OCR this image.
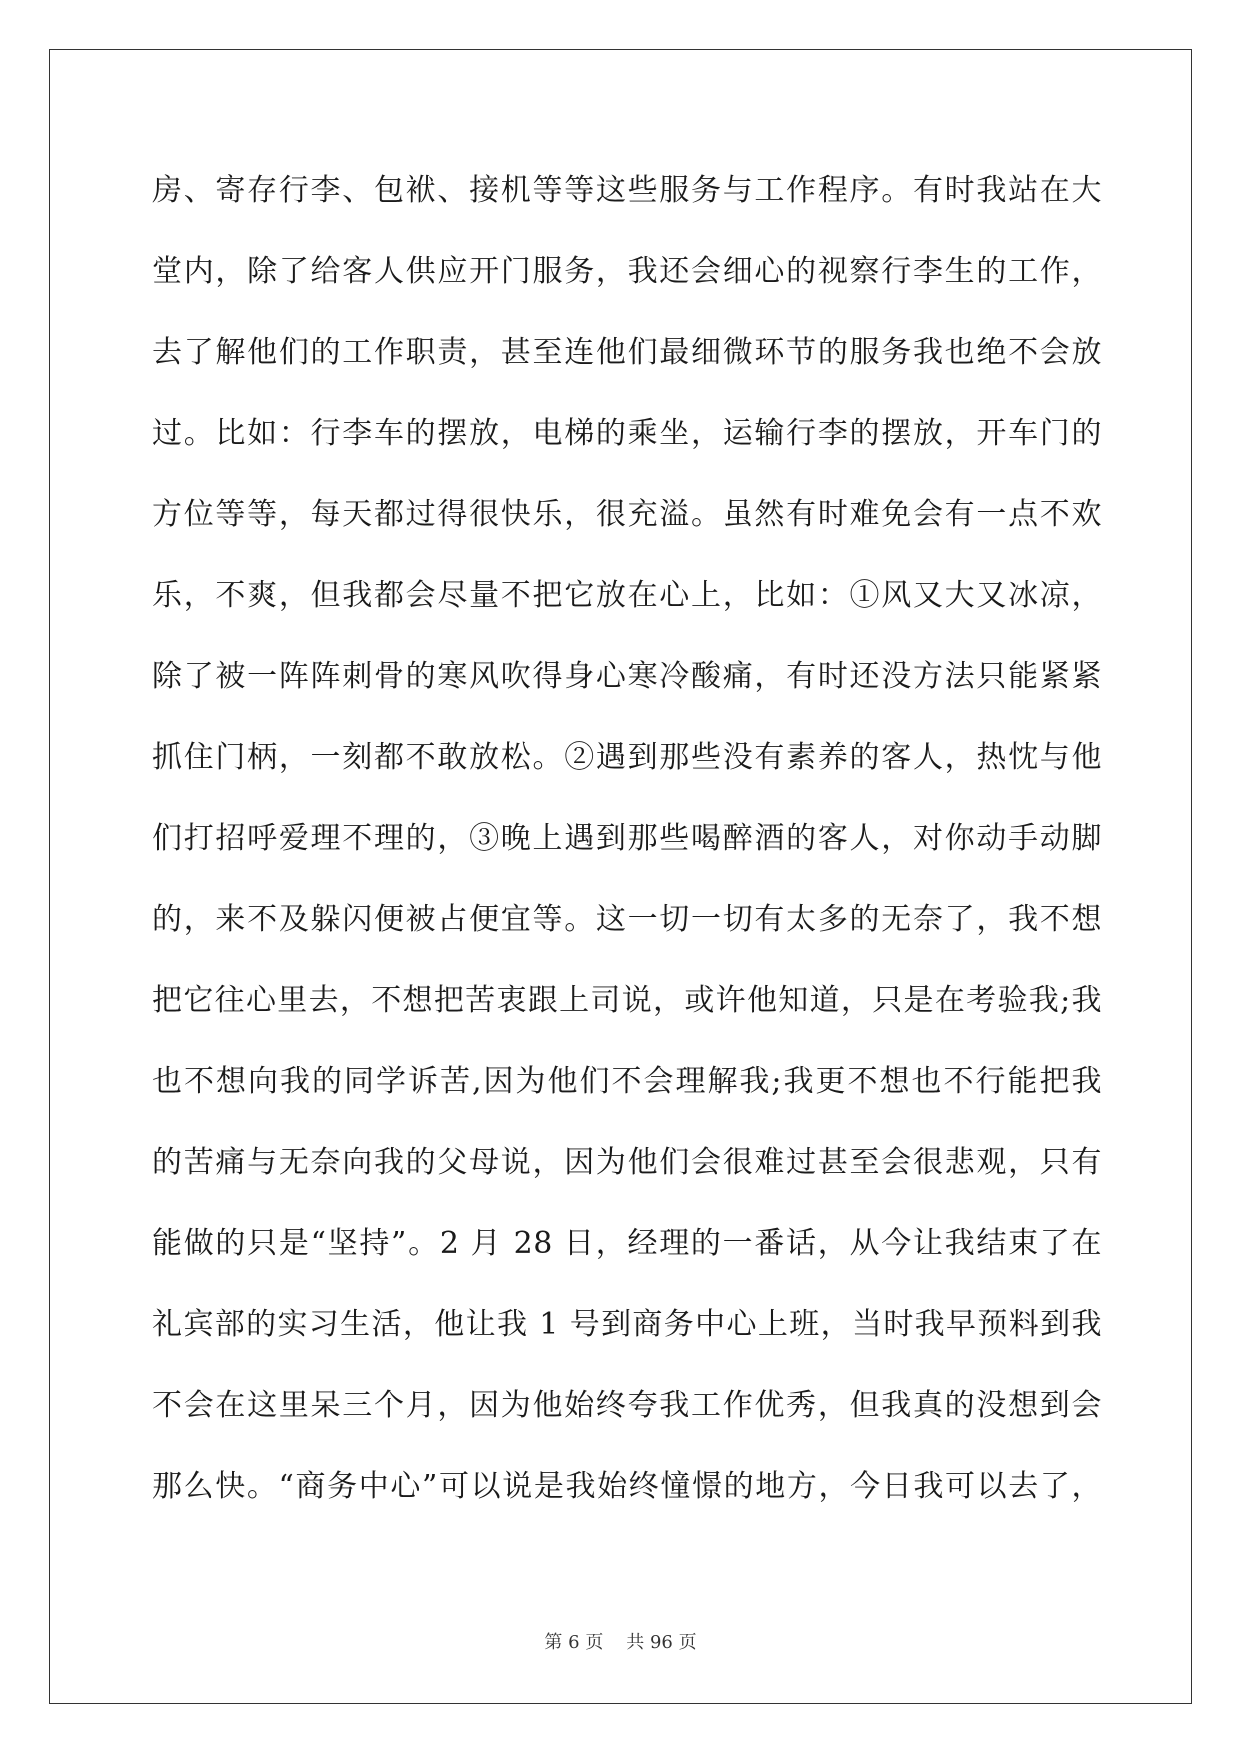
房、寄存行李、包袱、接机等等这些服务与工作程序。有时我站在大
堂内，除了给客人供应开门服务，我还会细心的视察行李生的工作，
去了解他们的工作职责，甚至连他们最细微环节的服务我也绝不会放
过。比如：行李车的摆放，电梯的乘坐，运输行李的摆放，开车门的
方位等等，每天都过得很快乐，很充溢。虽然有时难免会有一点不欢
乐，不爽，但我都会尽量不把它放在心上，比如：①风又大又冰凉，
除了被一阵阵刺骨的寒风吹得身心寒冷酸痛，有时还没方法只能紧紧
抓住门柄，一刻都不敢放松。②遇到那些没有素养的客人，热忱与他
们打招呼爱理不理的，③晚上遇到那些喝醉酒的客人，对你动手动脚
的，来不及躲闪便被占便宜等。这一切一切有太多的无奈了，我不想
把它往心里去，不想把苦衷跟上司说，或许他知道，只是在考验我;我
也不想向我的同学诉苦,因为他们不会理解我;我更不想也不行能把我
的苦痛与无奈向我的父母说，因为他们会很难过甚至会很悲观，只有
能做的只是“坚持”。2 月 28 日，经理的一番话，从今让我结束了在
礼宾部的实习生活，他让我 1 号到商务中心上班，当时我早预料到我
不会在这里呆三个月，因为他始终夸我工作优秀，但我真的没想到会
那么快。“商务中心”可以说是我始终憧憬的地方，今日我可以去了，
第 6 页 共 96 页
